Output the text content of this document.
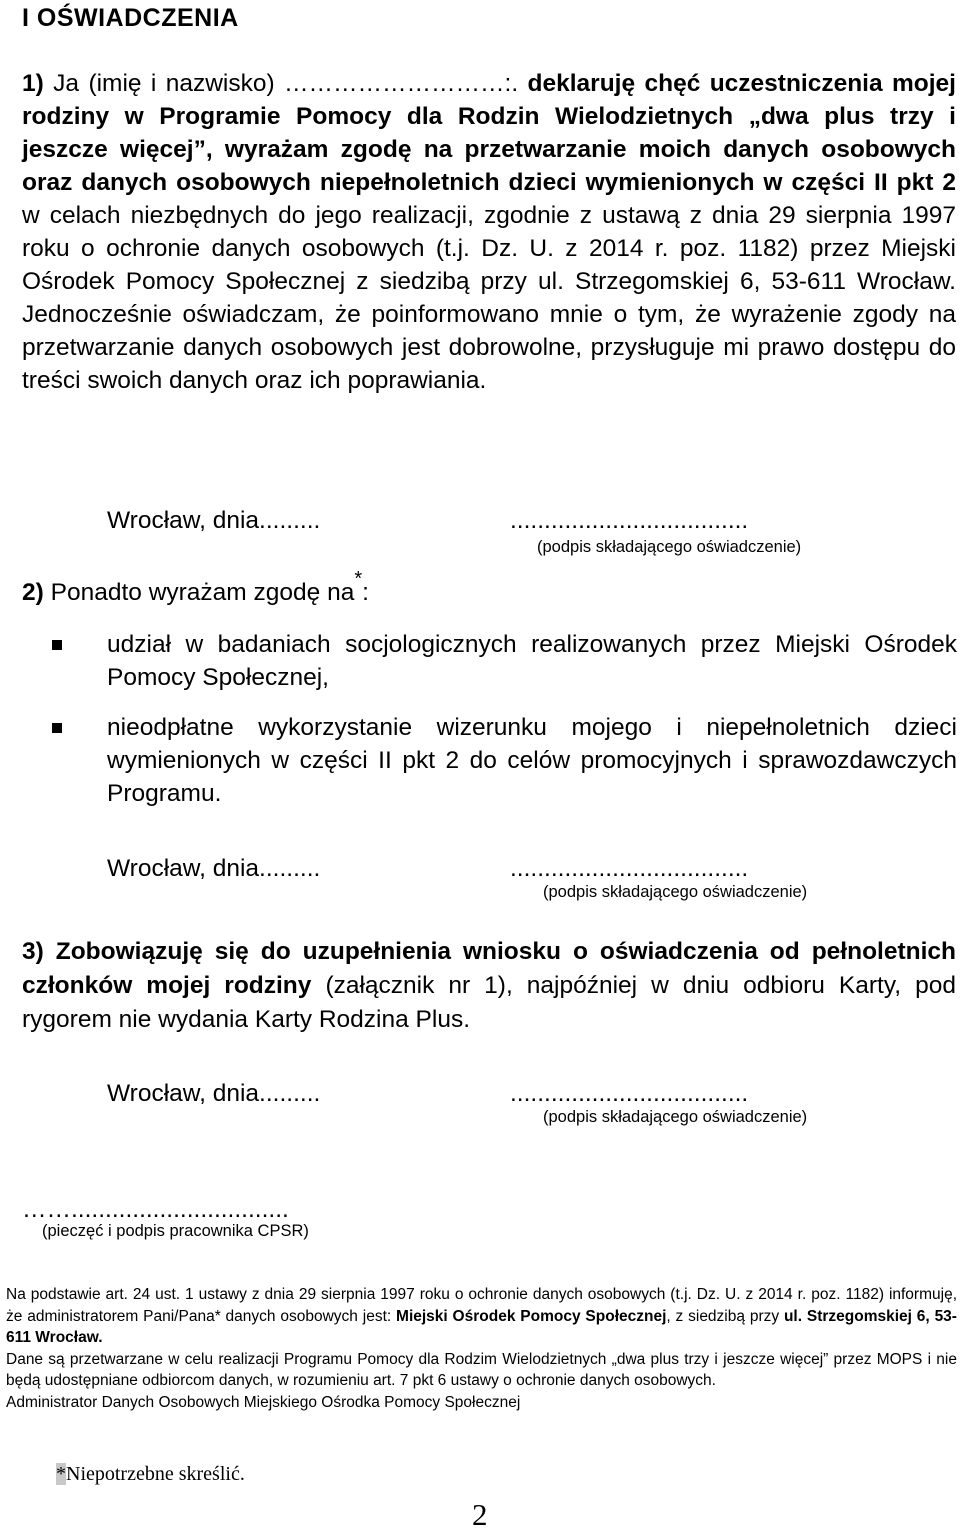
I OŚWIADCZENIA
1) Ja (imię i nazwisko) ………………………:. deklaruję chęć uczestniczenia mojej rodziny w Programie Pomocy dla Rodzin Wielodzietnych „dwa plus trzy i jeszcze więcej”, wyrażam zgodę na przetwarzanie moich danych osobowych oraz danych osobowych niepełnoletnich dzieci wymienionych w części II pkt 2 w celach niezbędnych do jego realizacji, zgodnie z ustawą z dnia 29 sierpnia 1997 roku o ochronie danych osobowych (t.j. Dz. U. z 2014 r. poz. 1182) przez Miejski Ośrodek Pomocy Społecznej z siedzibą przy ul. Strzegomskiej 6, 53-611 Wrocław. Jednocześnie oświadczam, że poinformowano mnie o tym, że wyrażenie zgody na przetwarzanie danych osobowych jest dobrowolne, przysługuje mi prawo dostępu do treści swoich danych oraz ich poprawiania.
Wrocław, dnia.........	...................................
(podpis składającego oświadczenie)
2) Ponadto wyrażam zgodę na*:
udział w badaniach socjologicznych realizowanych przez Miejski Ośrodek Pomocy Społecznej,
nieodpłatne wykorzystanie wizerunku mojego i niepełnoletnich dzieci wymienionych w części II pkt 2 do celów promocyjnych i sprawozdawczych Programu.
Wrocław, dnia.........	...................................
(podpis składającego oświadczenie)
3) Zobowiązuję się do uzupełnienia wniosku o oświadczenia od pełnoletnich członków mojej rodziny (załącznik nr 1), najpóźniej w dniu odbioru Karty, pod rygorem nie wydania Karty Rodzina Plus.
Wrocław, dnia.........	...................................
(podpis składającego oświadczenie)
……................................
(pieczęć i podpis pracownika CPSR)
Na podstawie art. 24 ust. 1 ustawy z dnia 29 sierpnia 1997 roku o ochronie danych osobowych (t.j. Dz. U. z 2014 r. poz. 1182) informuję, że administratorem Pani/Pana* danych osobowych jest: Miejski Ośrodek Pomocy Społecznej, z siedzibą przy ul. Strzegomskiej 6, 53-611 Wrocław.
Dane są przetwarzane w celu realizacji Programu Pomocy dla Rodzim Wielodzietnych „dwa plus trzy i jeszcze więcej” przez MOPS i nie będą udostępniane odbiorcom danych, w rozumieniu art. 7 pkt 6 ustawy o ochronie danych osobowych.
Administrator Danych Osobowych Miejskiego Ośrodka Pomocy Społecznej
*Niepotrzebne skreślić.
2
